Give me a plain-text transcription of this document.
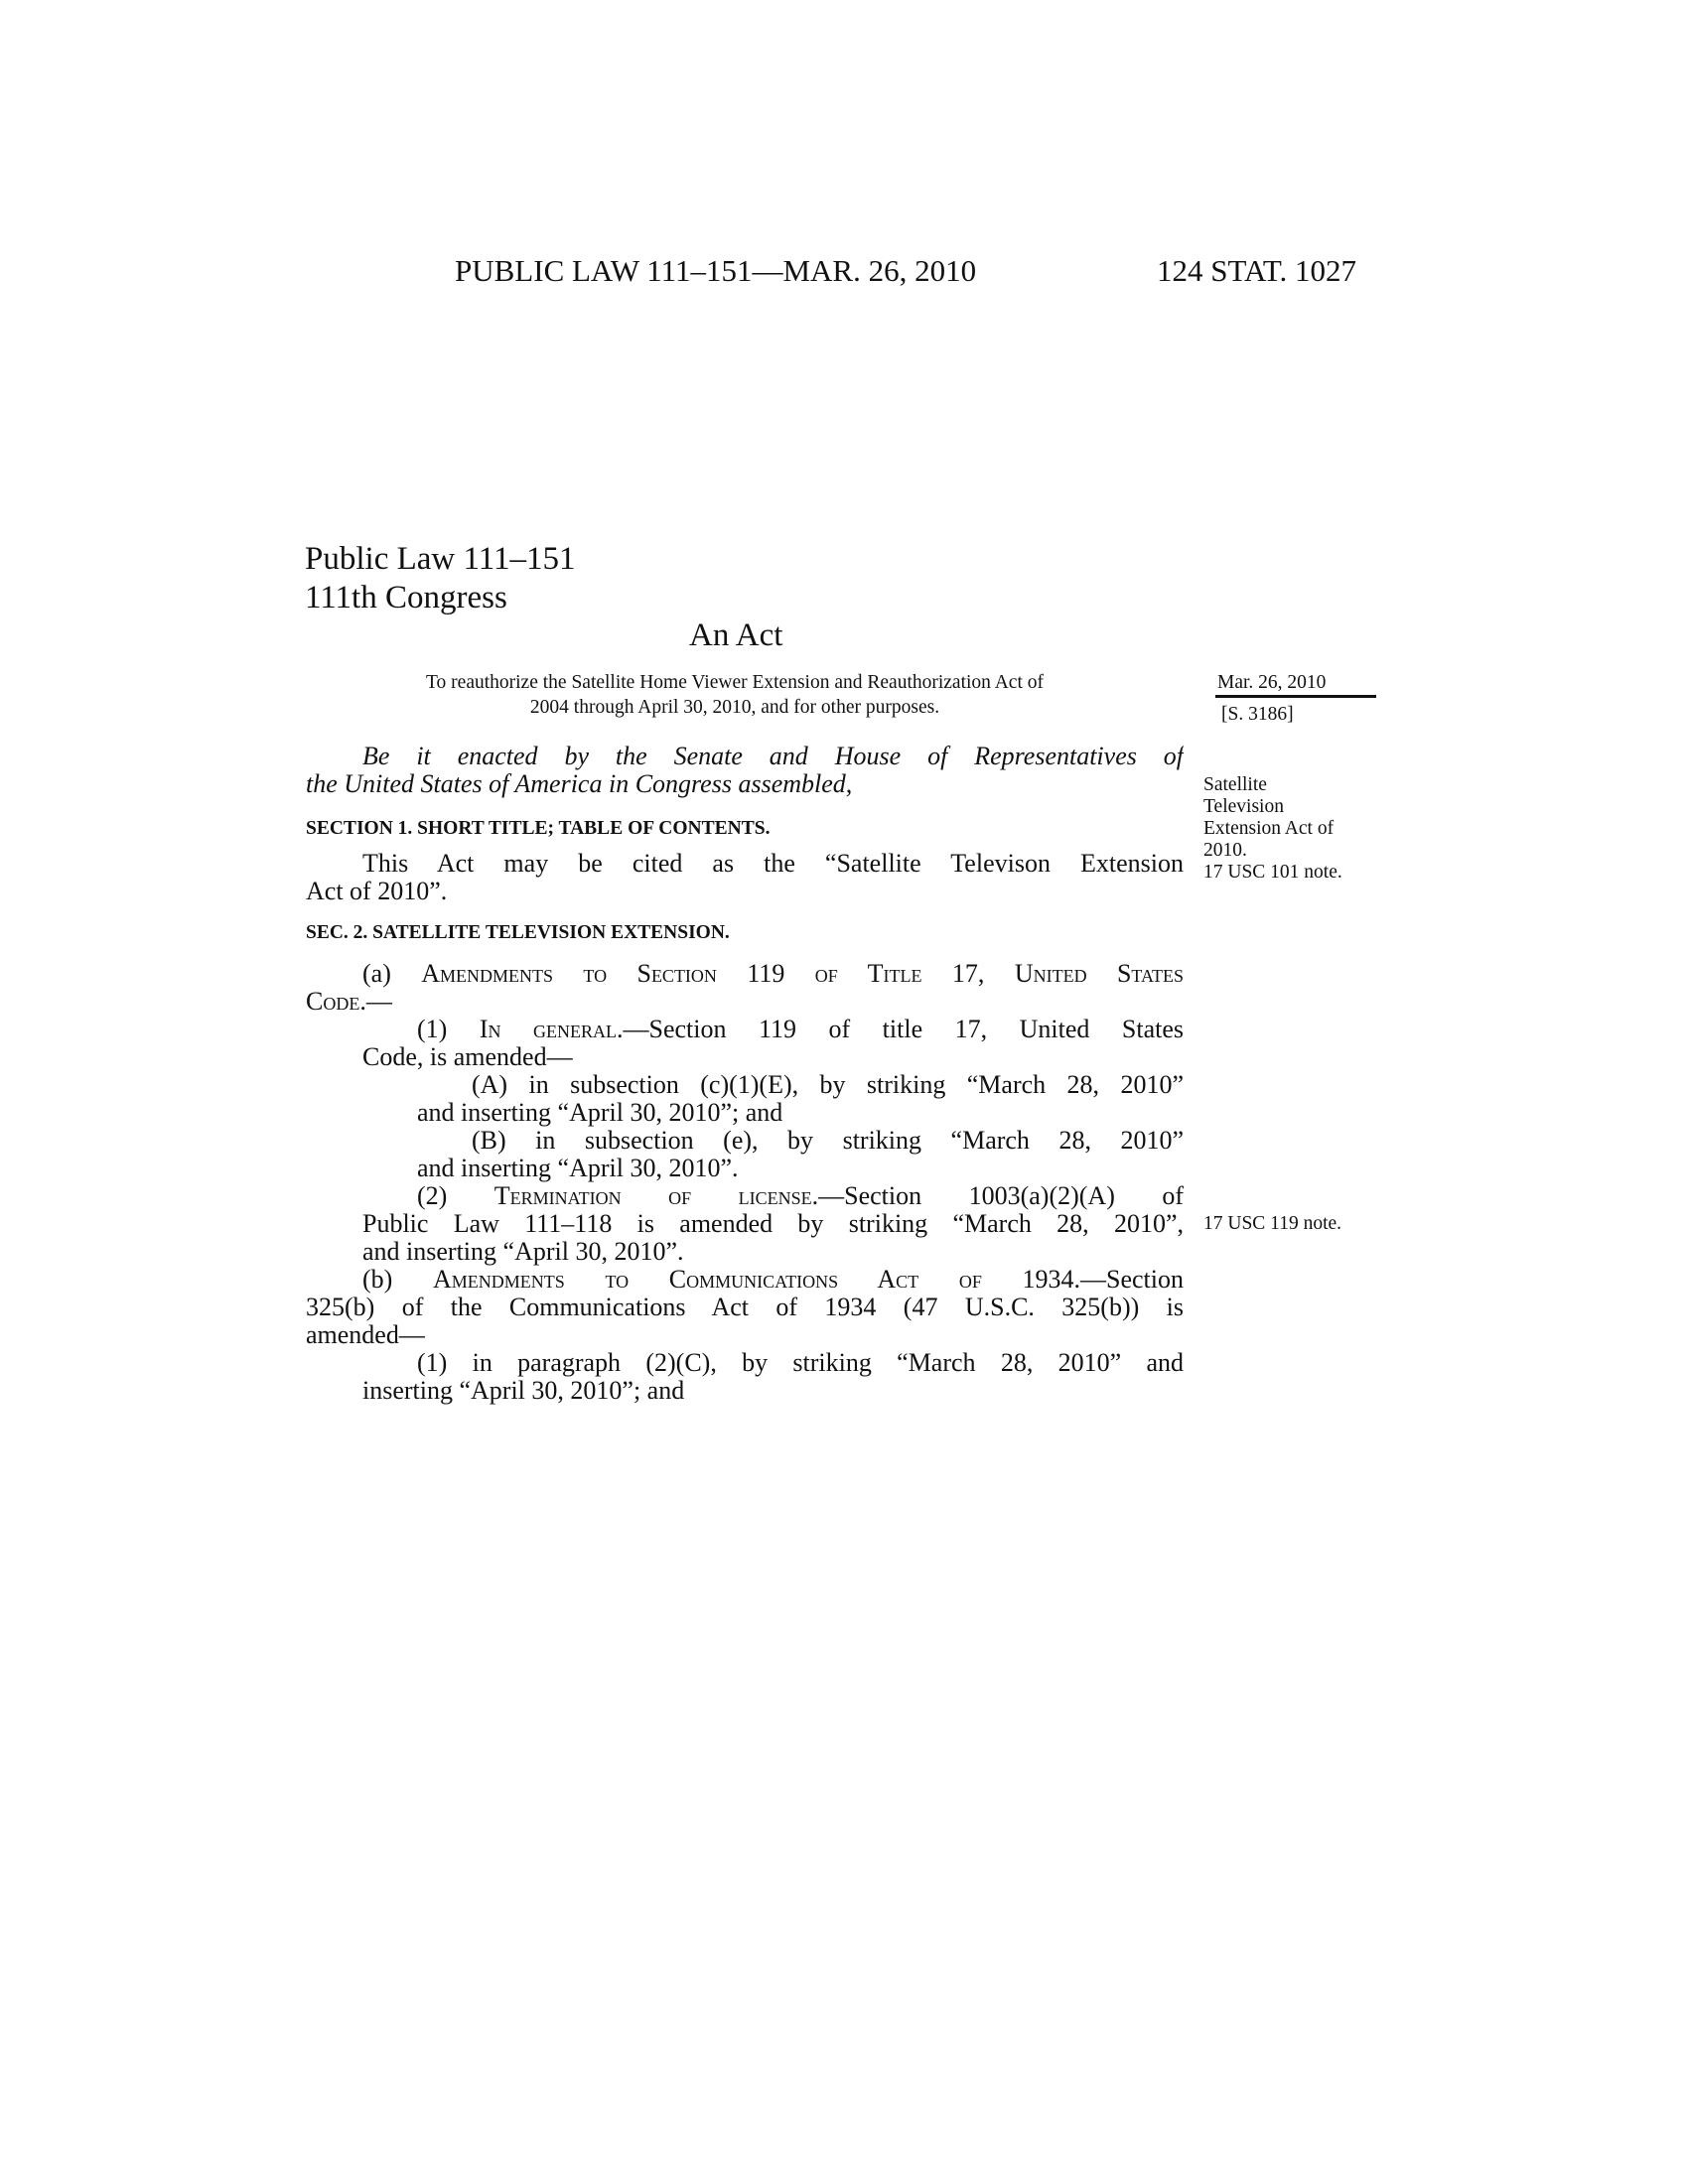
PUBLIC LAW 111–151—MAR. 26, 2010	124 STAT. 1027
Public Law 111–151
111th Congress
An Act
To reauthorize the Satellite Home Viewer Extension and Reauthorization Act of
2004 through April 30, 2010, and for other purposes.
Mar. 26, 2010
[S. 3186]
Satellite
Television
Extension Act of
2010.
17 USC 101 note.
17 USC 119 note.
Be it enacted by the Senate and House of Representatives of
the United States of America in Congress assembled,
SECTION 1. SHORT TITLE; TABLE OF CONTENTS.
This Act may be cited as the “Satellite Televison Extension
Act of 2010”.
SEC. 2. SATELLITE TELEVISION EXTENSION.
(a) Amendments to Section 119 of Title 17, United States
Code.—
(1) In general.—Section 119 of title 17, United States
Code, is amended—
(A) in subsection (c)(1)(E), by striking “March 28, 2010”
and inserting “April 30, 2010”; and
(B) in subsection (e), by striking “March 28, 2010”
and inserting “April 30, 2010”.
(2) Termination of license.—Section 1003(a)(2)(A) of
Public Law 111–118 is amended by striking “March 28, 2010”,
and inserting “April 30, 2010”.
(b) Amendments to Communications Act of 1934.—Section
325(b) of the Communications Act of 1934 (47 U.S.C. 325(b)) is
amended—
(1) in paragraph (2)(C), by striking “March 28, 2010” and
inserting “April 30, 2010”; and
